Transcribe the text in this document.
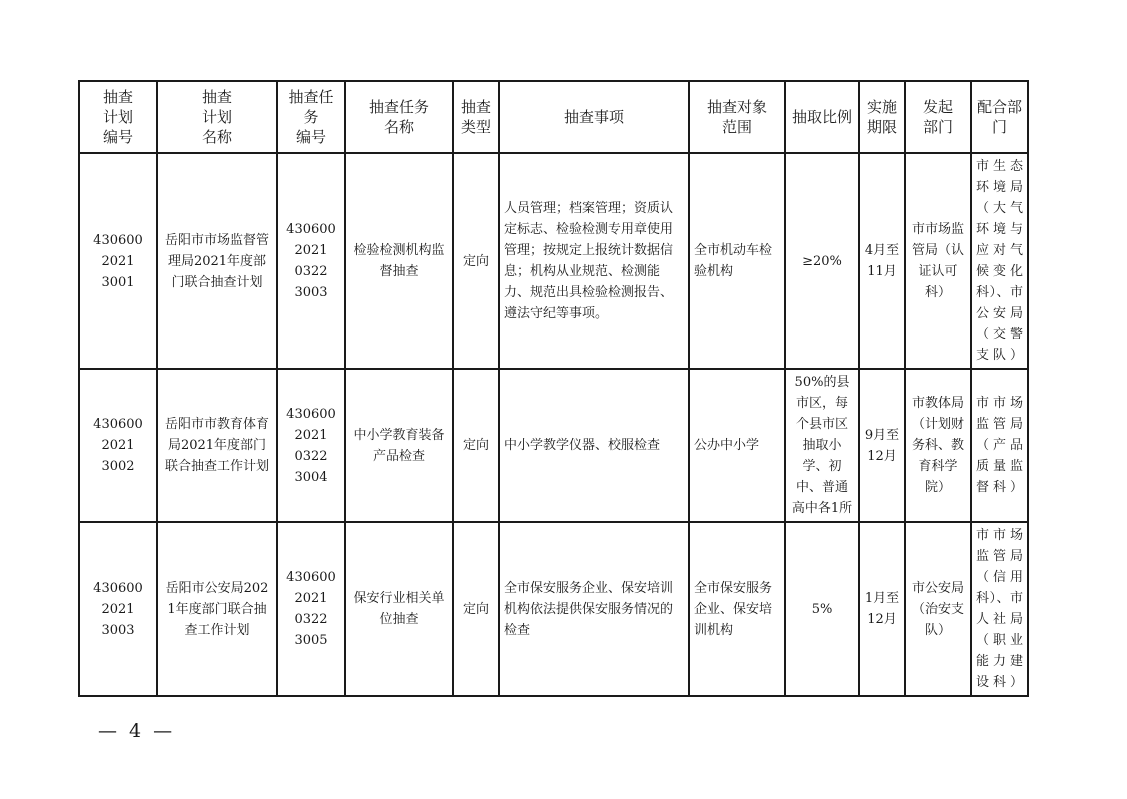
抽查
计划
编号	抽查
计划
名称	抽查任务
编号	抽查任务
名称	抽查
类型	抽查事项	抽查对象
范围	抽取比例	实施
期限	发起
部门	配合部门
430600
2021
3001	岳阳市市场监督管理局2021年度部门联合抽查计划	430600
2021
0322
3003	检验检测机构监督抽查	定向	人员管理；档案管理；资质认定标志、检验检测专用章使用管理；按规定上报统计数据信息；机构从业规范、检测能力、规范出具检验检测报告、遵法守纪等事项。	全市机动车检验机构	≥20%	4月至11月	市市场监管局（认证认可科）	市生态环境局（大气环境与应对气候变化科）、市公安局（交警支队）
430600
2021
3002	岳阳市市教育体育局2021年度部门联合抽查工作计划	430600
2021
0322
3004	中小学教育装备产品检查	定向	中小学教学仪器、校服检查	公办中小学	50%的县市区，每个县市区抽取小学、初中、普通高中各1所	9月至12月	市教体局（计划财务科、教育科学院）	市市场监管局（产品质量监督科）
430600
2021
3003	岳阳市公安局2021年度部门联合抽查工作计划	430600
2021
0322
3005	保安行业相关单位抽查	定向	全市保安服务企业、保安培训机构依法提供保安服务情况的检查	全市保安服务企业、保安培训机构	5%	1月至12月	市公安局（治安支队）	市市场监管局（信用科）、市人社局（职业能力建设科）
— 4 —
